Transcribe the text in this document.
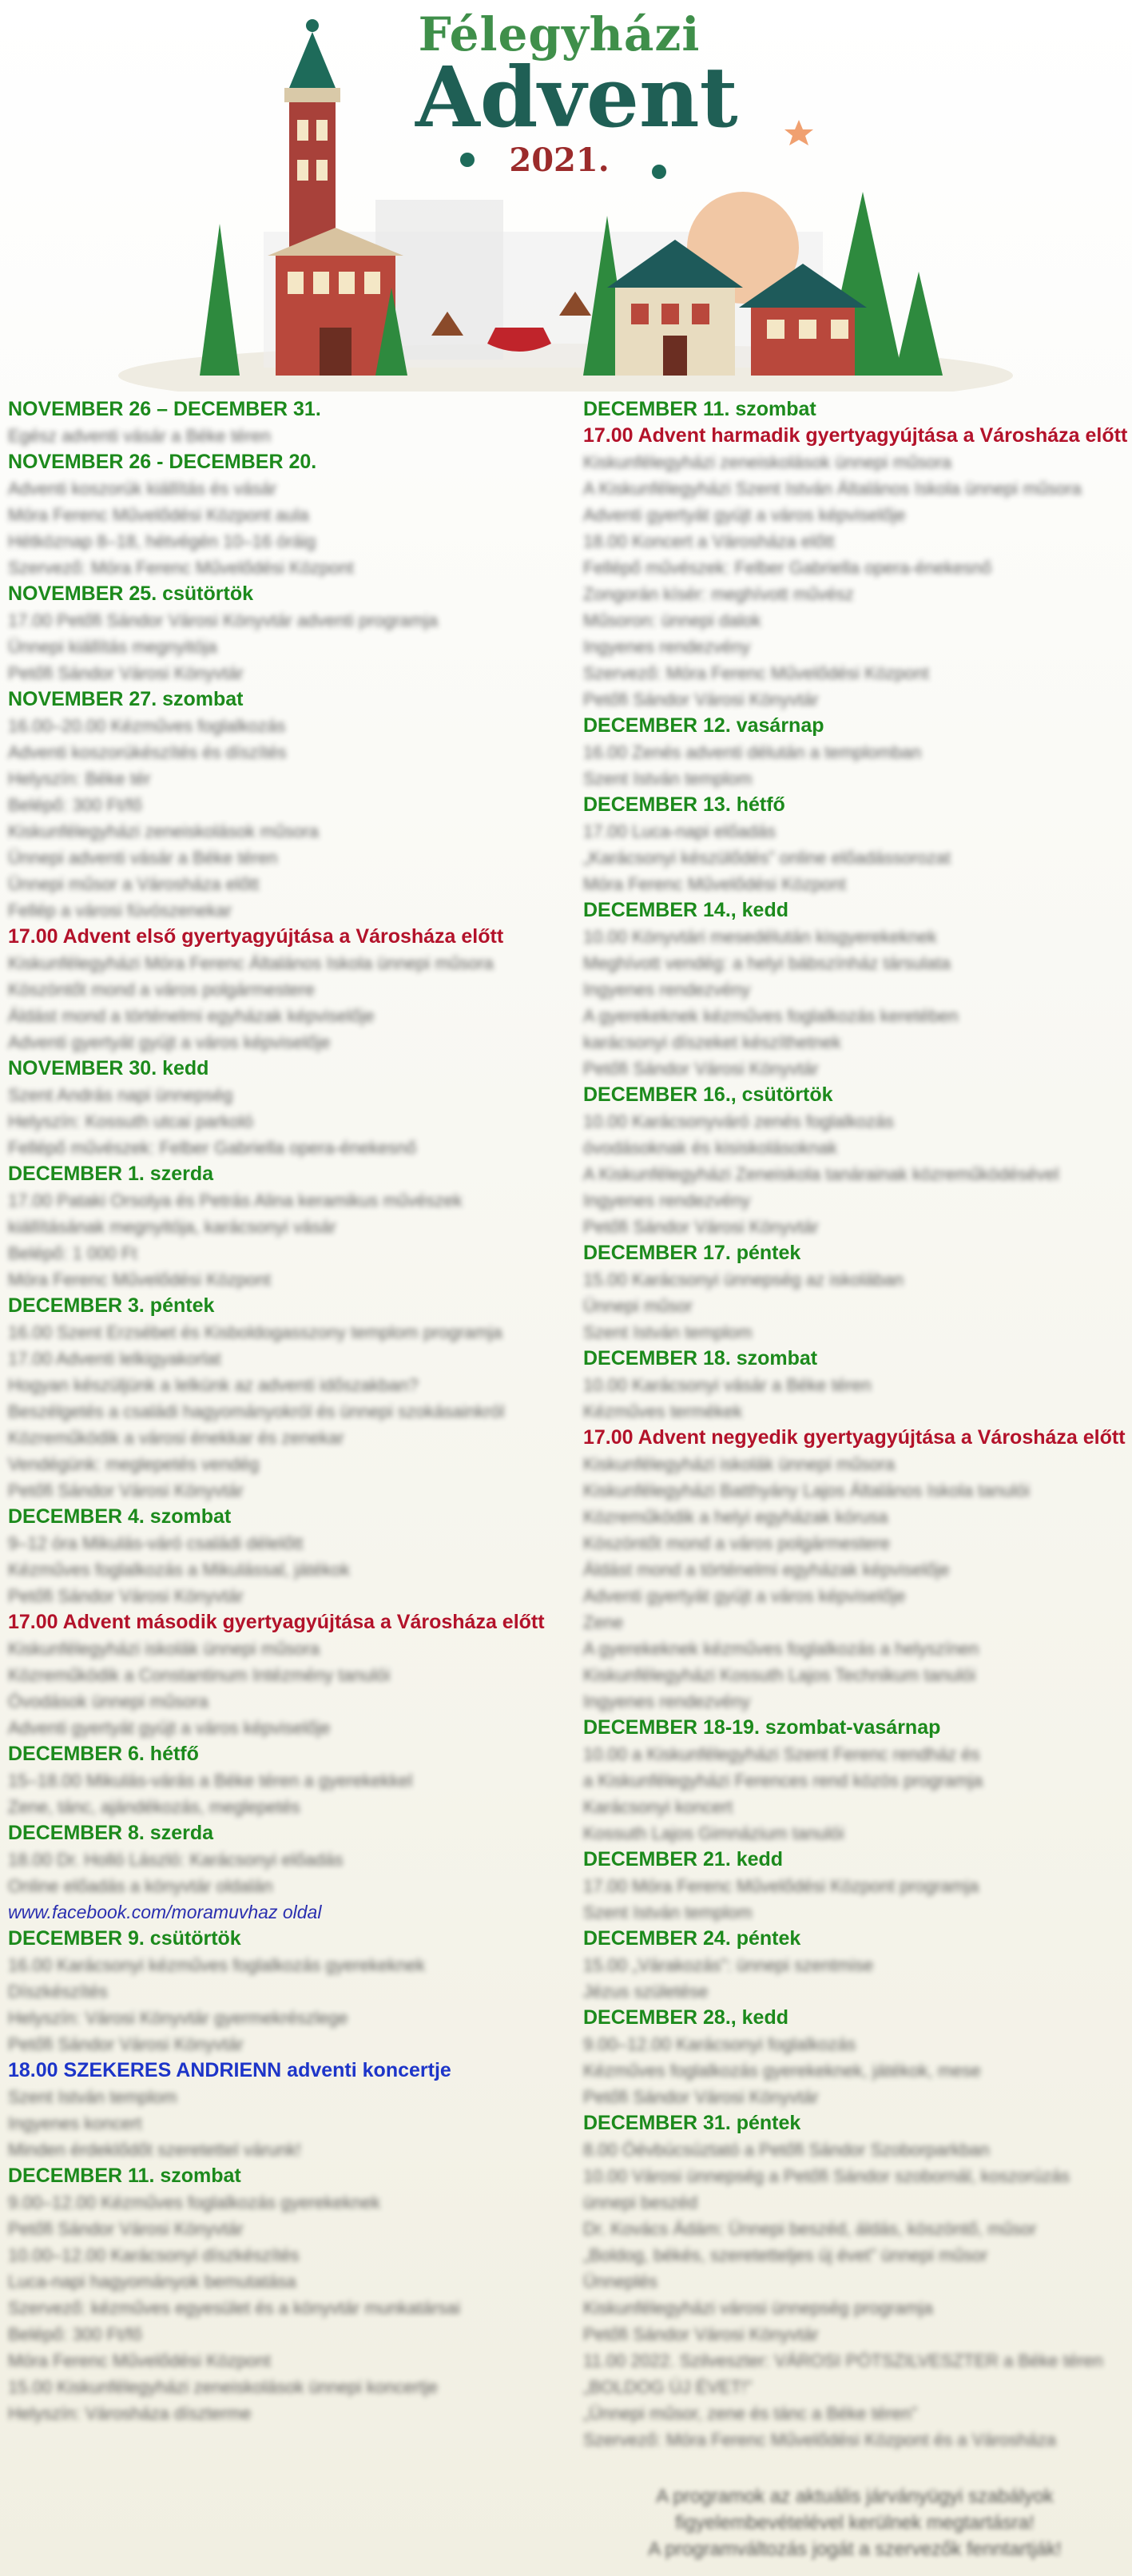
Félegyházi
Advent
2021.
NOVEMBER 26 – DECEMBER 31.
Egész adventi vásár a Béke téren
NOVEMBER 26 - DECEMBER 20.
Adventi koszorúk kiállítás és vásár
Móra Ferenc Művelődési Központ aula
Hétköznap 8–18, hétvégén 10–16 óráig
Szervező: Móra Ferenc Művelődési Központ
NOVEMBER 25. csütörtök
17.00 Petőfi Sándor Városi Könyvtár adventi programja
Ünnepi kiállítás megnyitója
Petőfi Sándor Városi Könyvtár
NOVEMBER 27. szombat
16.00–20.00 Kézműves foglalkozás
Adventi koszorúkészítés és díszítés
Helyszín: Béke tér
Belépő: 300 Ft/fő
Kiskunfélegyházi zeneiskolások műsora
Ünnepi adventi vásár a Béke téren
Ünnepi műsor a Városháza előtt
Fellép a városi fúvószenekar
17.00 Advent első gyertyagyújtása a Városháza előtt
Kiskunfélegyházi Móra Ferenc Általános Iskola ünnepi műsora
Köszöntőt mond a város polgármestere
Áldást mond a történelmi egyházak képviselője
Adventi gyertyát gyújt a város képviselője
NOVEMBER 30. kedd
Szent András napi ünnepség
Helyszín: Kossuth utcai parkoló
Fellépő művészek: Felber Gabriella opera-énekesnő
DECEMBER 1. szerda
17.00 Pataki Orsolya és Petrás Alina keramikus művészek
kiállításának megnyitója, karácsonyi vásár
Belépő: 1 000 Ft
Móra Ferenc Művelődési Központ
DECEMBER 3. péntek
16.00 Szent Erzsébet és Kisboldogasszony templom programja
17.00 Adventi lelkigyakorlat
Hogyan készüljünk a lelkünk az adventi időszakban?
Beszélgetés a családi hagyományokról és ünnepi szokásainkról
Közreműködik a városi énekkar és zenekar
Vendégünk: meglepetés vendég
Petőfi Sándor Városi Könyvtár
DECEMBER 4. szombat
9–12 óra Mikulás-váró családi délelőtt
Kézműves foglalkozás a Mikulással, játékok
Petőfi Sándor Városi Könyvtár
17.00 Advent második gyertyagyújtása a Városháza előtt
Kiskunfélegyházi iskolák ünnepi műsora
Közreműködik a Constantinum Intézmény tanulói
Óvodások ünnepi műsora
Adventi gyertyát gyújt a város képviselője
DECEMBER 6. hétfő
15–18.00 Mikulás-várás a Béke téren a gyerekekkel
Zene, tánc, ajándékozás, meglepetés
DECEMBER 8. szerda
18.00 Dr. Holló László: Karácsonyi előadás
Online előadás a könyvtár oldalán
www.facebook.com/moramuvhaz oldal
DECEMBER 9. csütörtök
16.00 Karácsonyi kézműves foglalkozás gyerekeknek
Díszkészítés
Helyszín: Városi Könyvtár gyermekrészlege
Petőfi Sándor Városi Könyvtár
18.00 SZEKERES ANDRIENN adventi koncertje
Szent István templom
Ingyenes koncert
Minden érdeklődőt szeretettel várunk!
DECEMBER 11. szombat
9.00–12.00 Kézműves foglalkozás gyerekeknek
Petőfi Sándor Városi Könyvtár
10.00–12.00 Karácsonyi díszkészítés
Luca-napi hagyományok bemutatása
Szervező: kézműves egyesület és a könyvtár munkatársai
Belépő: 300 Ft/fő
Móra Ferenc Művelődési Központ
15.00 Kiskunfélegyházi zeneiskolások ünnepi koncertje
Helyszín: Városháza díszterme
DECEMBER 11. szombat
17.00 Advent harmadik gyertyagyújtása a Városháza előtt
Kiskunfélegyházi zeneiskolások ünnepi műsora
A Kiskunfélegyházi Szent István Általános Iskola ünnepi műsora
Adventi gyertyát gyújt a város képviselője
18.00 Koncert a Városháza előtt
Fellépő művészek: Felber Gabriella opera-énekesnő
Zongorán kísér: meghívott művész
Műsoron: ünnepi dalok
Ingyenes rendezvény
Szervező: Móra Ferenc Művelődési Központ
Petőfi Sándor Városi Könyvtár
DECEMBER 12. vasárnap
16.00 Zenés adventi délután a templomban
Szent István templom
DECEMBER 13. hétfő
17.00 Luca-napi előadás
„Karácsonyi készülődés” online előadássorozat
Móra Ferenc Művelődési Központ
DECEMBER 14., kedd
10.00 Könyvtári mesedélután kisgyerekeknek
Meghívott vendég: a helyi bábszínház társulata
Ingyenes rendezvény
A gyerekeknek kézműves foglalkozás keretében
karácsonyi díszeket készíthetnek
Petőfi Sándor Városi Könyvtár
DECEMBER 16., csütörtök
10.00 Karácsonyváró zenés foglalkozás
óvodásoknak és kisiskolásoknak
A Kiskunfélegyházi Zeneiskola tanárainak közreműködésével
Ingyenes rendezvény
Petőfi Sándor Városi Könyvtár
DECEMBER 17. péntek
15.00 Karácsonyi ünnepség az iskolában
Ünnepi műsor
Szent István templom
DECEMBER 18. szombat
10.00 Karácsonyi vásár a Béke téren
Kézműves termékek
17.00 Advent negyedik gyertyagyújtása a Városháza előtt
Kiskunfélegyházi iskolák ünnepi műsora
Kiskunfélegyházi Batthyány Lajos Általános Iskola tanulói
Közreműködik a helyi egyházak kórusa
Köszöntőt mond a város polgármestere
Áldást mond a történelmi egyházak képviselője
Adventi gyertyát gyújt a város képviselője
Zene
A gyerekeknek kézműves foglalkozás a helyszínen
Kiskunfélegyházi Kossuth Lajos Technikum tanulói
Ingyenes rendezvény
DECEMBER 18-19. szombat-vasárnap
10.00 a Kiskunfélegyházi Szent Ferenc rendház és
a Kiskunfélegyházi Ferences rend közös programja
Karácsonyi koncert
Kossuth Lajos Gimnázium tanulói
DECEMBER 21. kedd
17.00 Móra Ferenc Művelődési Központ programja
Szent István templom
DECEMBER 24. péntek
15.00 „Várakozás”: ünnepi szentmise
Jézus születése
DECEMBER 28., kedd
9.00–12.00 Karácsonyi foglalkozás
Kézműves foglalkozás gyerekeknek, játékok, mese
Petőfi Sándor Városi Könyvtár
DECEMBER 31. péntek
8.00 Óévbúcsúztató a Petőfi Sándor Szoborparkban
10.00 Városi ünnepség a Petőfi Sándor szobornál, koszorúzás
ünnepi beszéd
Dr. Kovács Ádám: Ünnepi beszéd, áldás, köszöntő, műsor
„Boldog, békés, szeretetteljes új évet” ünnepi műsor
Ünneplés
Kiskunfélegyházi városi ünnepség programja
Petőfi Sándor Városi Könyvtár
11.00 2022. Szilveszter: VÁROSI PÓTSZILVESZTER a Béke téren
„BOLDOG ÚJ ÉVET!”
„Ünnepi műsor, zene és tánc a Béke téren”
Szervező: Móra Ferenc Művelődési Központ és a Városháza
A programok az aktuális járványügyi szabályok
figyelembevételével kerülnek megtartásra!
A programváltozás jogát a szervezők fenntartják!
